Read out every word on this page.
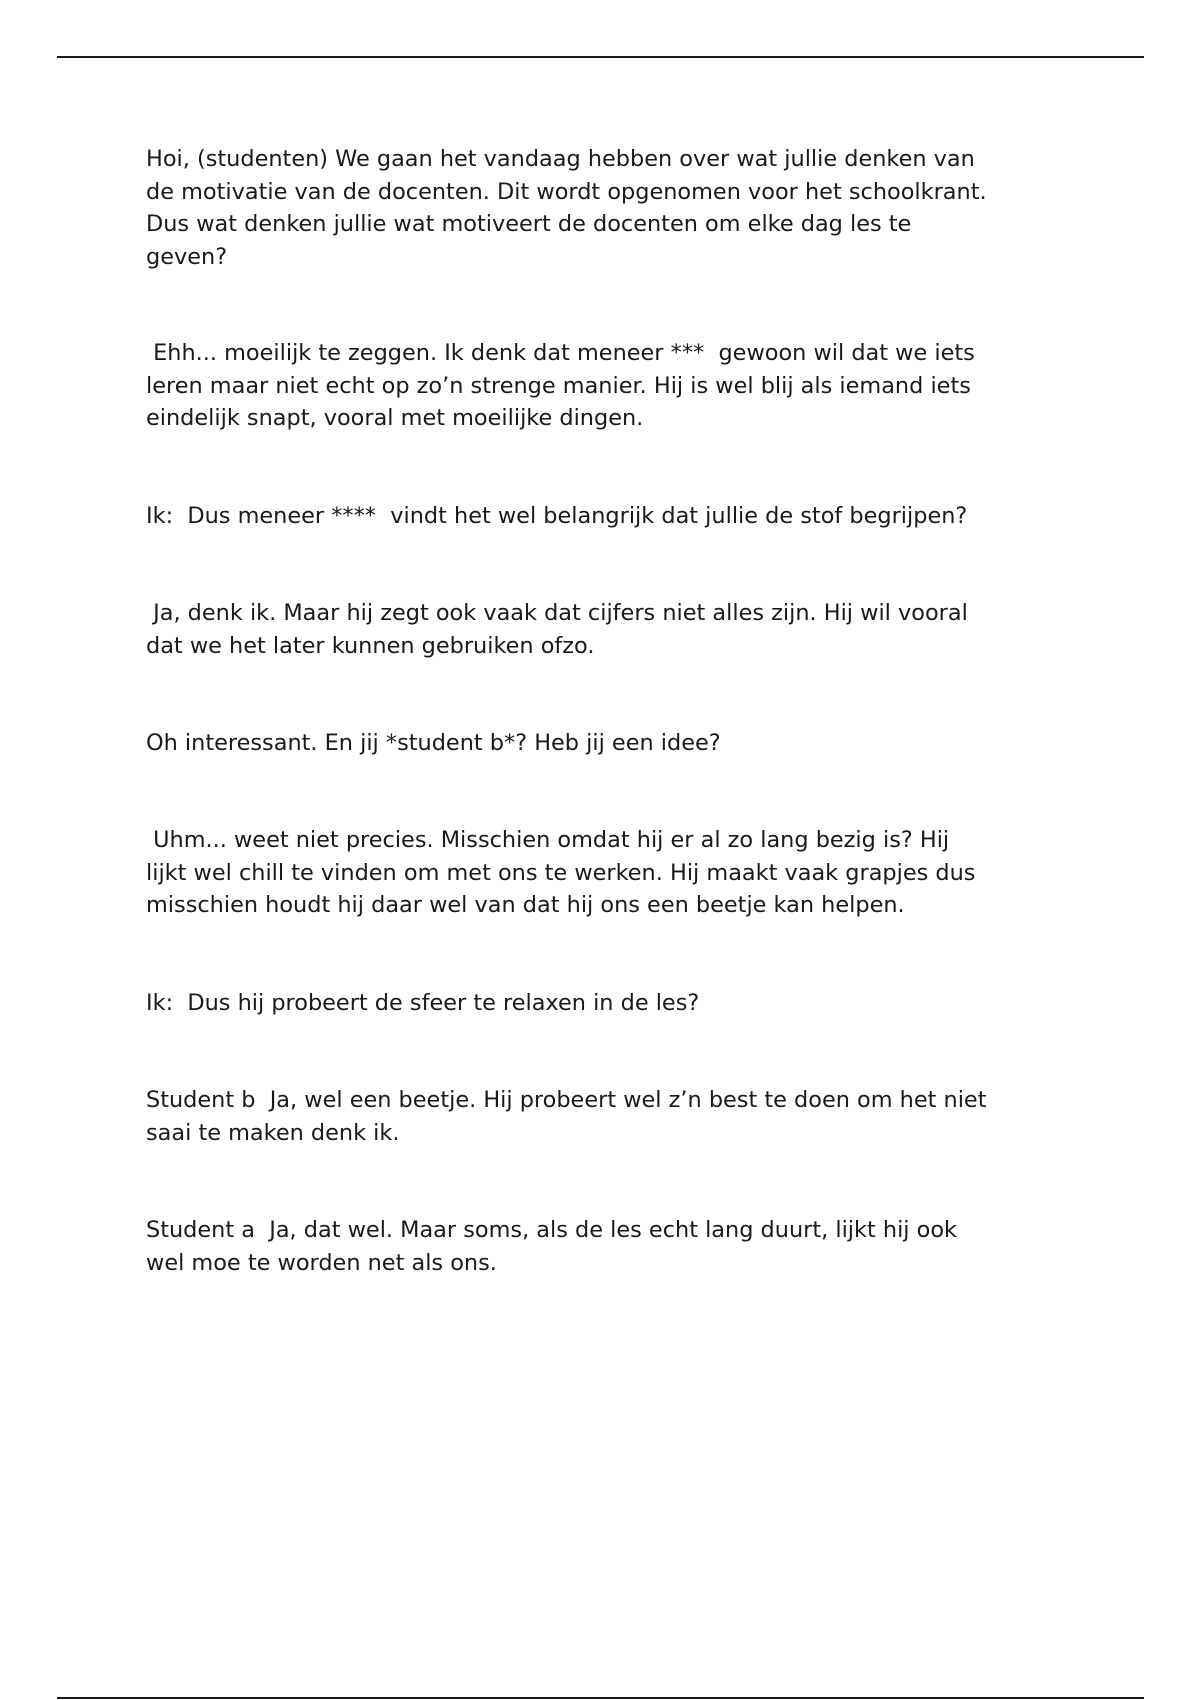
Hoi, (studenten) We gaan het vandaag hebben over wat jullie denken van
de motivatie van de docenten. Dit wordt opgenomen voor het schoolkrant.
Dus wat denken jullie wat motiveert de docenten om elke dag les te
geven?

Ehh... moeilijk te zeggen. Ik denk dat meneer ***  gewoon wil dat we iets
leren maar niet echt op zo’n strenge manier. Hij is wel blij als iemand iets
eindelijk snapt, vooral met moeilijke dingen.

Ik:  Dus meneer ****  vindt het wel belangrijk dat jullie de stof begrijpen?

Ja, denk ik. Maar hij zegt ook vaak dat cijfers niet alles zijn. Hij wil vooral
dat we het later kunnen gebruiken ofzo.

Oh interessant. En jij *student b*? Heb jij een idee?

Uhm... weet niet precies. Misschien omdat hij er al zo lang bezig is? Hij
lijkt wel chill te vinden om met ons te werken. Hij maakt vaak grapjes dus
misschien houdt hij daar wel van dat hij ons een beetje kan helpen.

Ik:  Dus hij probeert de sfeer te relaxen in de les?

Student b  Ja, wel een beetje. Hij probeert wel z’n best te doen om het niet
saai te maken denk ik.

Student a  Ja, dat wel. Maar soms, als de les echt lang duurt, lijkt hij ook
wel moe te worden net als ons.
